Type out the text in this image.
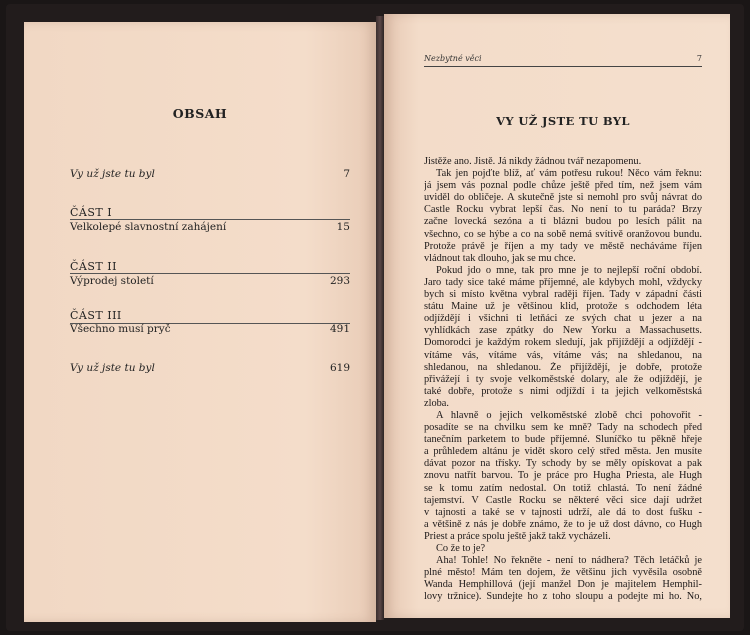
OBSAH
Vy už jste tu byl	7
ČÁST I
Velkolepé slavnostní zahájení	15
ČÁST II
Výprodej století	293
ČÁST III
Všechno musí pryč	491
Vy už jste tu byl	619
Nezbytné věci	7
VY UŽ JSTE TU BYL
Jistěže ano. Jistě. Já nikdy žádnou tvář nezapomenu.
Tak jen pojďte blíž, ať vám potřesu rukou! Něco vám řeknu:
já jsem vás poznal podle chůze ještě před tím, než jsem vám
uviděl do obličeje. A skutečně jste si nemohl pro svůj návrat do
Castle Rocku vybrat lepší čas. No není to tu paráda? Brzy
začne lovecká sezóna a ti blázni budou po lesích pálit na
všechno, co se hýbe a co na sobě nemá svítivě oranžovou bundu.
Protože právě je říjen a my tady ve městě necháváme říjen
vládnout tak dlouho, jak se mu chce.
Pokud jdo o mne, tak pro mne je to nejlepší roční období.
Jaro tady sice také máme příjemné, ale kdybych mohl, vždycky
bych si místo května vybral raději říjen. Tady v západní části
státu Maine už je většinou klid, protože s odchodem léta
odjíždějí i všichni ti letňáci ze svých chat u jezer a na
vyhlídkách zase zpátky do New Yorku a Massachusetts.
Domorodci je každým rokem sledují, jak přijíždějí a odjíždějí -
vítáme vás, vítáme vás, vítáme vás; na shledanou, na
shledanou, na shledanou. Že přijíždějí, je dobře, protože
přivážejí i ty svoje velkoměstské dolary, ale že odjíždějí, je
také dobře, protože s nimi odjíždí i ta jejich velkoměstská
zloba.
A hlavně o jejich velkoměstské zlobě chci pohovořit -
posadíte se na chvilku sem ke mně? Tady na schodech před
tanečním parketem to bude příjemné. Sluníčko tu pěkně hřeje
a průhledem altánu je vidět skoro celý střed města. Jen musíte
dávat pozor na třísky. Ty schody by se měly opískovat a pak
znovu natřít barvou. To je práce pro Hugha Priesta, ale Hugh
se k tomu zatím nedostal. On totiž chlastá. To není žádné
tajemství. V Castle Rocku se některé věci sice dají udržet
v tajnosti a také se v tajnosti udrží, ale dá to dost fušku -
a většině z nás je dobře známo, že to je už dost dávno, co Hugh
Priest a práce spolu ještě jakž takž vycházeli.
Co že to je?
Aha! Tohle! No řekněte - není to nádhera? Těch letáčků je
plné město! Mám ten dojem, že většinu jich vyvěsila osobně
Wanda Hemphillová (její manžel Don je majitelem Hemphil-
lovy tržnice). Sundejte ho z toho sloupu a podejte mi ho. No,
